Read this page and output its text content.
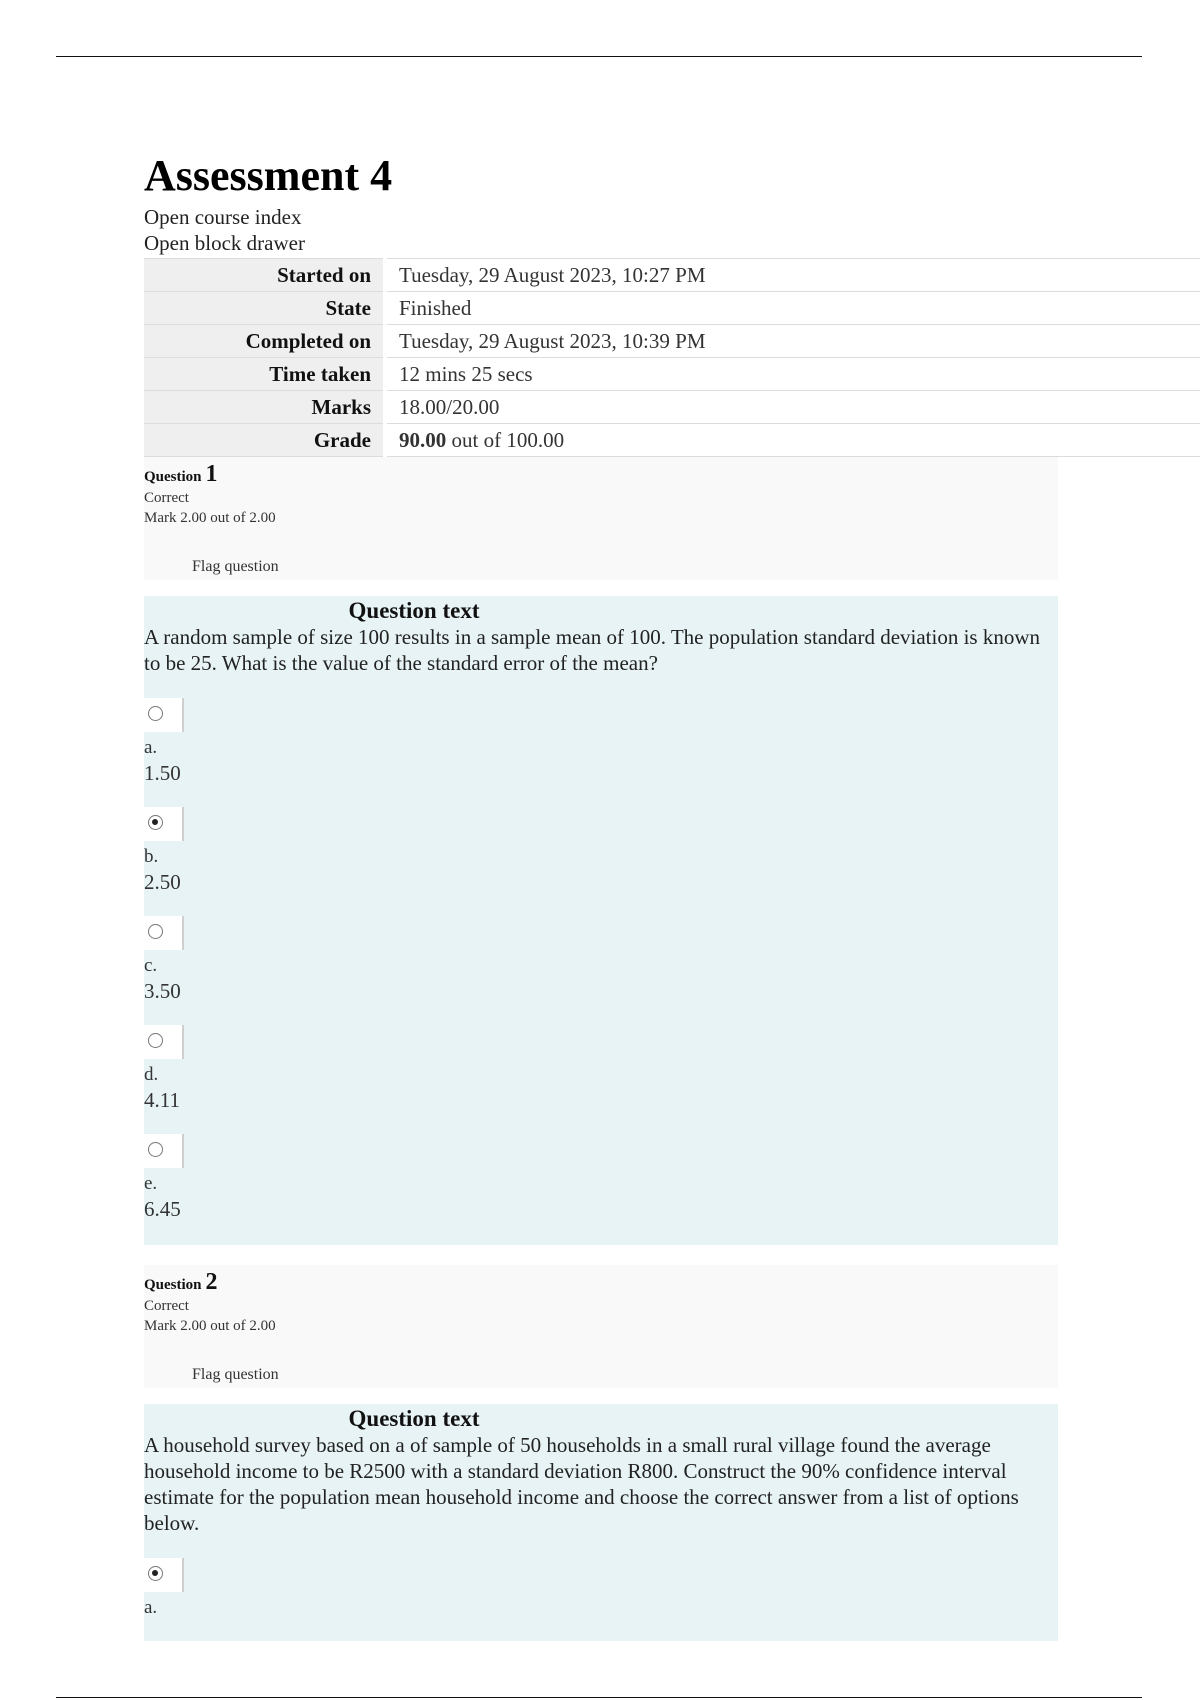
Assessment 4
Open course index
Open block drawer
Started on	Tuesday, 29 August 2023, 10:27 PM
State	Finished
Completed on	Tuesday, 29 August 2023, 10:39 PM
Time taken	12 mins 25 secs
Marks	18.00/20.00
Grade	90.00 out of 100.00
Question 1
Correct
Mark 2.00 out of 2.00
Flag question
Question text
A random sample of size 100 results in a sample mean of 100. The population standard deviation is known to be 25. What is the value of the standard error of the mean?
a.
1.50
b.
2.50
c.
3.50
d.
4.11
e.
6.45
Question 2
Correct
Mark 2.00 out of 2.00
Flag question
Question text
A household survey based on a of sample of 50 households in a small rural village found the average household income to be R2500 with a standard deviation R800. Construct the 90% confidence interval estimate for the population mean household income and choose the correct answer from a list of options below.
a.
